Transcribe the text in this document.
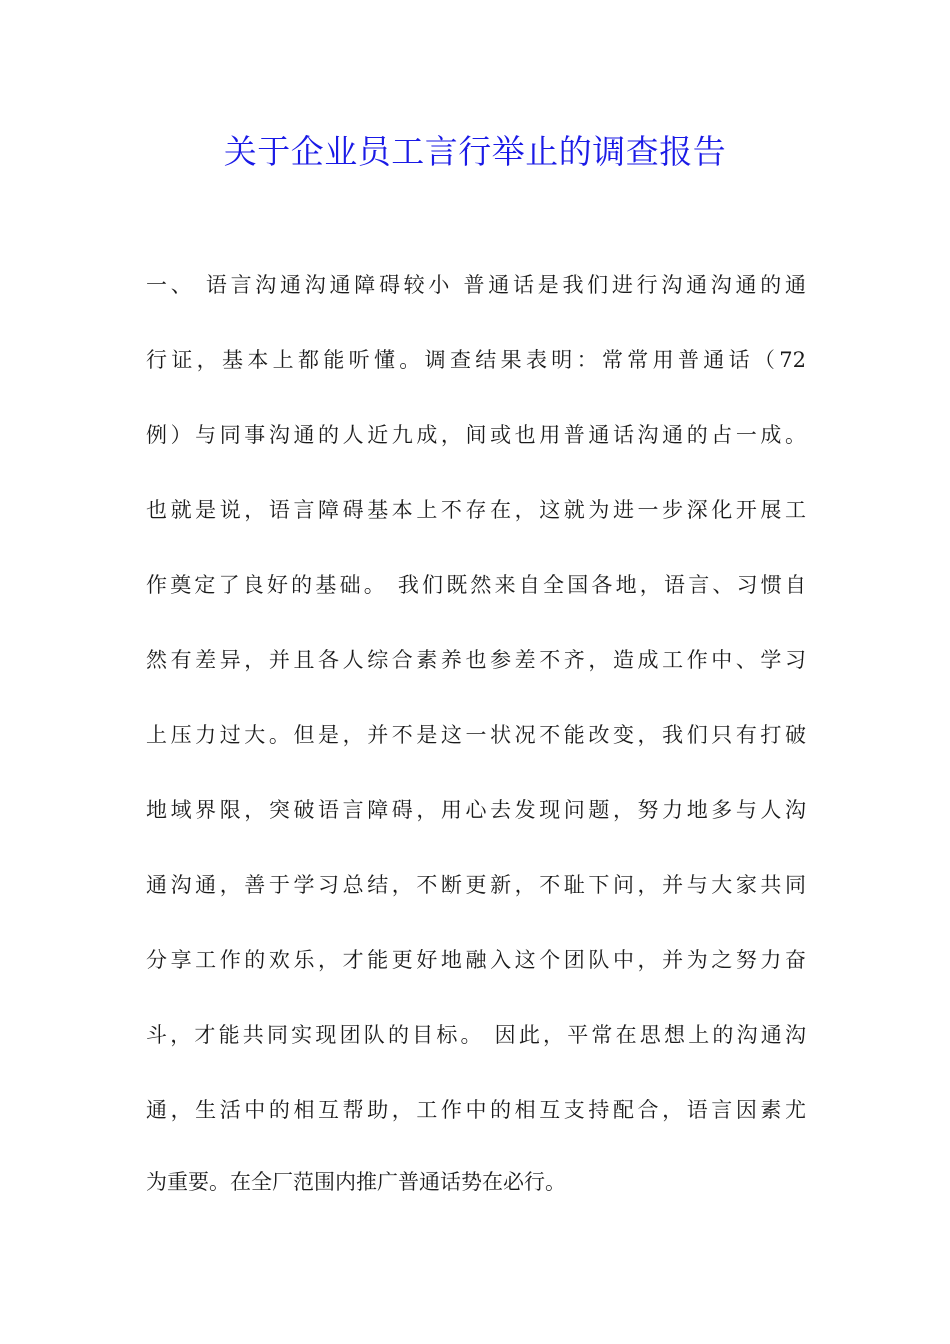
关于企业员工言行举止的调查报告
一、 语言沟通沟通障碍较小 普通话是我们进行沟通沟通的通
行证，基本上都能听懂。调查结果表明：常常用普通话（72
例）与同事沟通的人近九成，间或也用普通话沟通的占一成。
也就是说，语言障碍基本上不存在，这就为进一步深化开展工
作奠定了良好的基础。 我们既然来自全国各地，语言、习惯自
然有差异，并且各人综合素养也参差不齐，造成工作中、学习
上压力过大。但是，并不是这一状况不能改变，我们只有打破
地域界限，突破语言障碍，用心去发现问题，努力地多与人沟
通沟通，善于学习总结，不断更新，不耻下问，并与大家共同
分享工作的欢乐，才能更好地融入这个团队中，并为之努力奋
斗，才能共同实现团队的目标。 因此，平常在思想上的沟通沟
通，生活中的相互帮助，工作中的相互支持配合，语言因素尤
为重要。在全厂范围内推广普通话势在必行。
